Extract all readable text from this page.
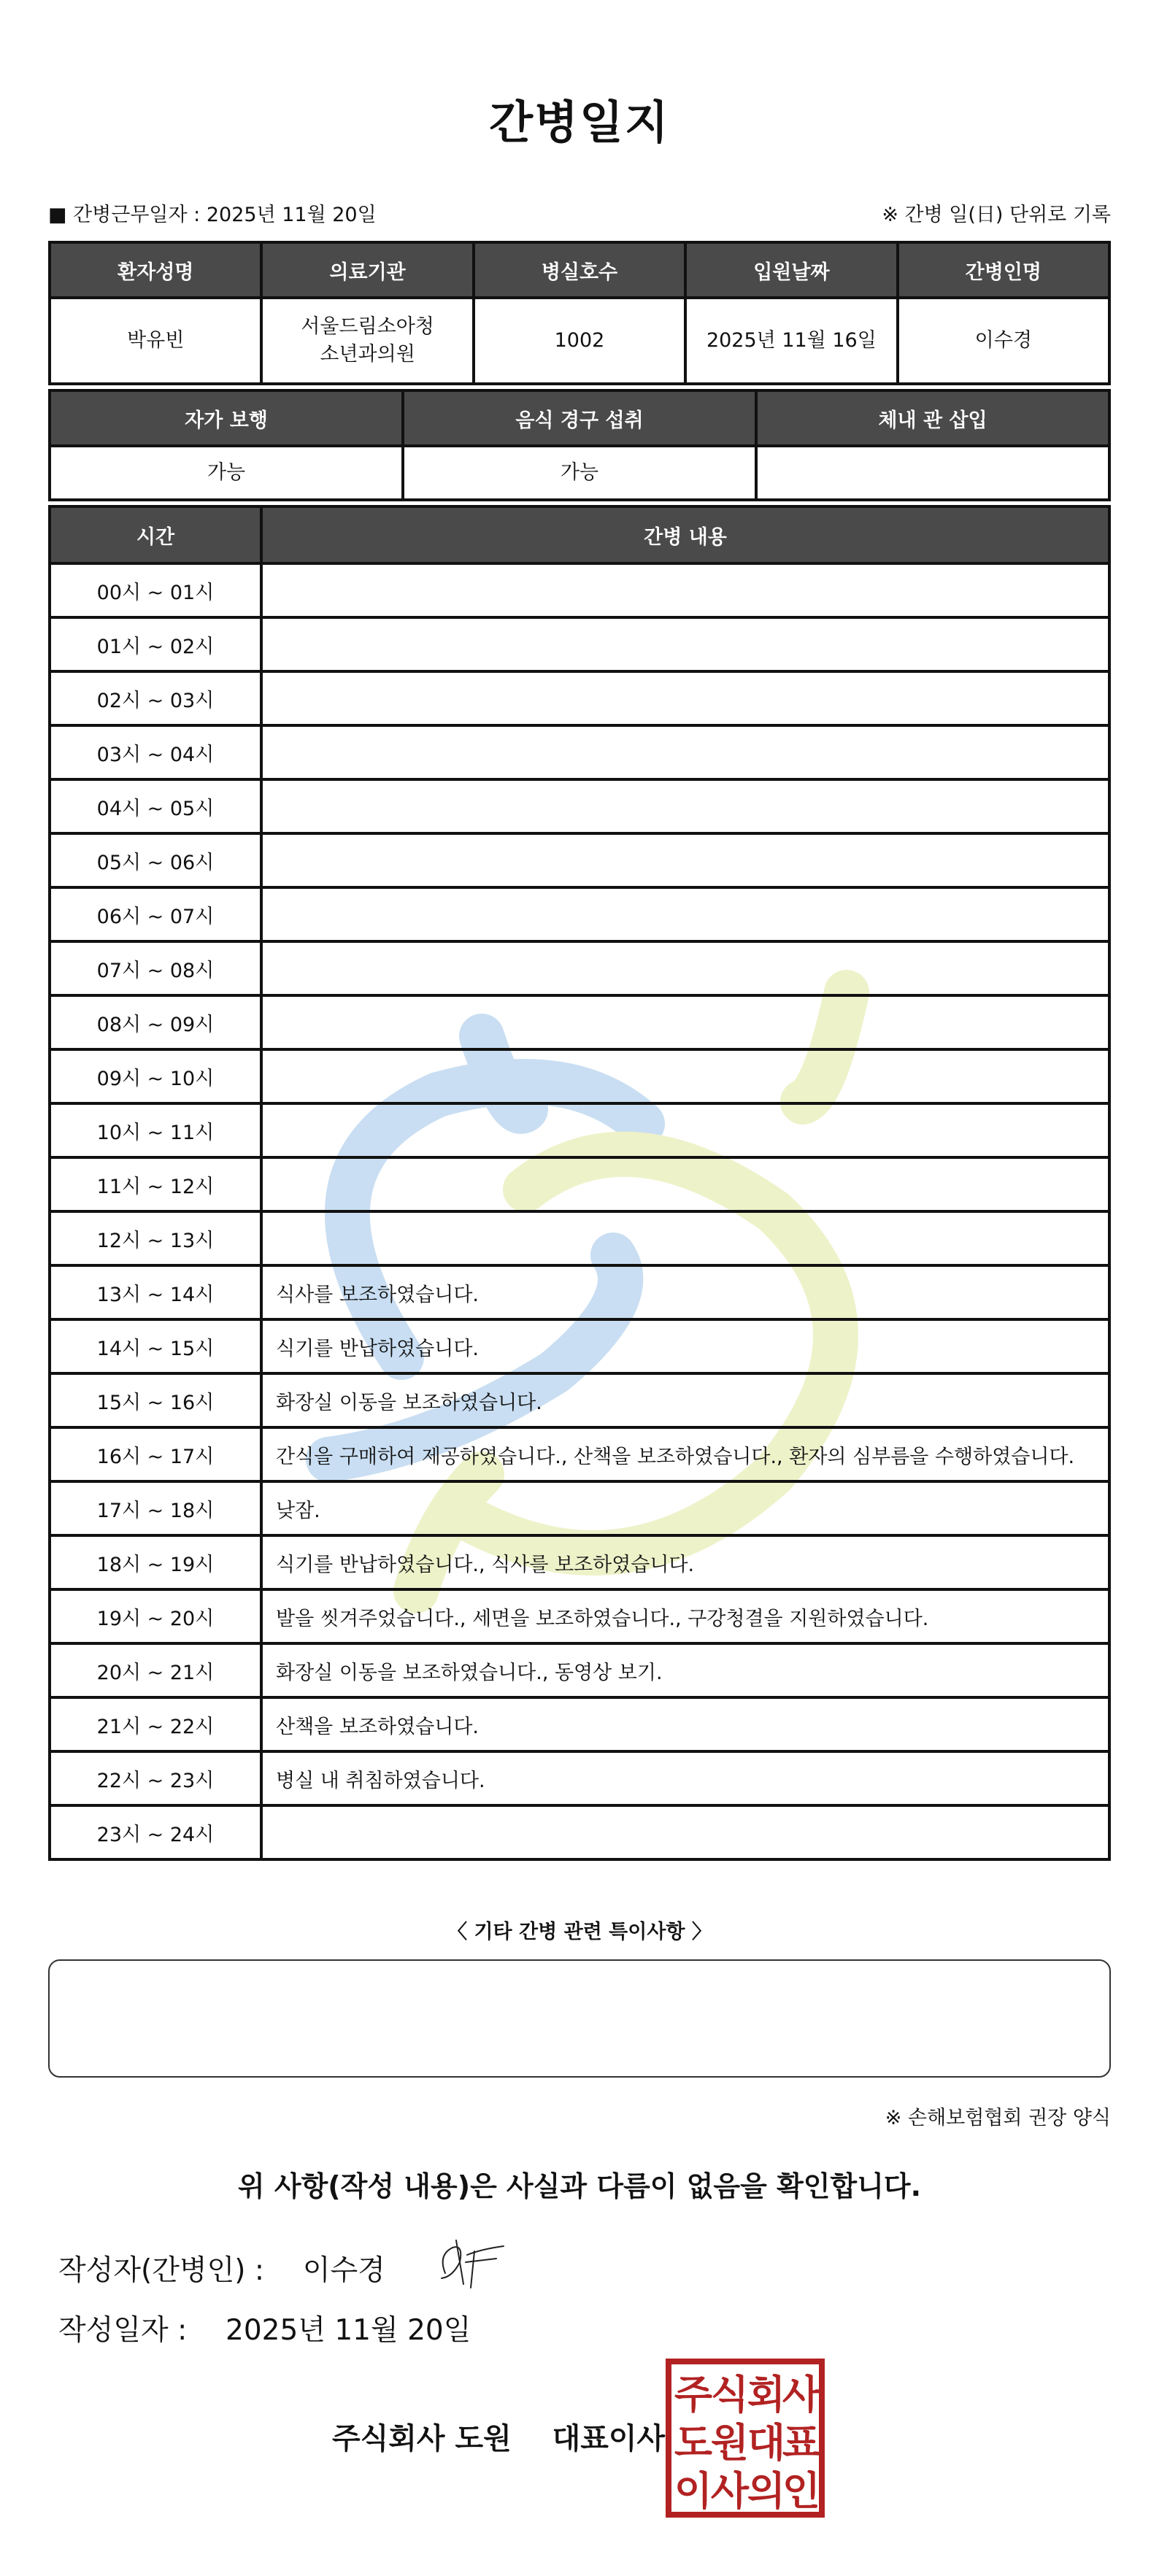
간병일지
■ 간병근무일자 : 2025년 11월 20일	※ 간병 일(日) 단위로 기록
환자성명	의료기관	병실호수	입원날짜	간병인명
박유빈	서울드림소아청소년과의원	1002	2025년 11월 16일	이수경
자가 보행	음식 경구 섭취	체내 관 삽입
가능	가능	
시간	간병 내용
00시 ~ 01시	
01시 ~ 02시	
02시 ~ 03시	
03시 ~ 04시	
04시 ~ 05시	
05시 ~ 06시	
06시 ~ 07시	
07시 ~ 08시	
08시 ~ 09시	
09시 ~ 10시	
10시 ~ 11시	
11시 ~ 12시	
12시 ~ 13시	
13시 ~ 14시	식사를 보조하였습니다.
14시 ~ 15시	식기를 반납하였습니다.
15시 ~ 16시	화장실 이동을 보조하였습니다.
16시 ~ 17시	간식을 구매하여 제공하였습니다., 산책을 보조하였습니다., 환자의 심부름을 수행하였습니다.
17시 ~ 18시	낮잠.
18시 ~ 19시	식기를 반납하였습니다., 식사를 보조하였습니다.
19시 ~ 20시	발을 씻겨주었습니다., 세면을 보조하였습니다., 구강청결을 지원하였습니다.
20시 ~ 21시	화장실 이동을 보조하였습니다., 동영상 보기.
21시 ~ 22시	산책을 보조하였습니다.
22시 ~ 23시	병실 내 취침하였습니다.
23시 ~ 24시	
〈 기타 간병 관련 특이사항 〉
※ 손해보험협회 권장 양식
위 사항(작성 내용)은 사실과 다름이 없음을 확인합니다.
작성자(간병인) : 이수경
작성일자 : 2025년 11월 20일
주식회사 도원 대표이사
주
식
회
사
도
원
대
표
이
사
의
인
